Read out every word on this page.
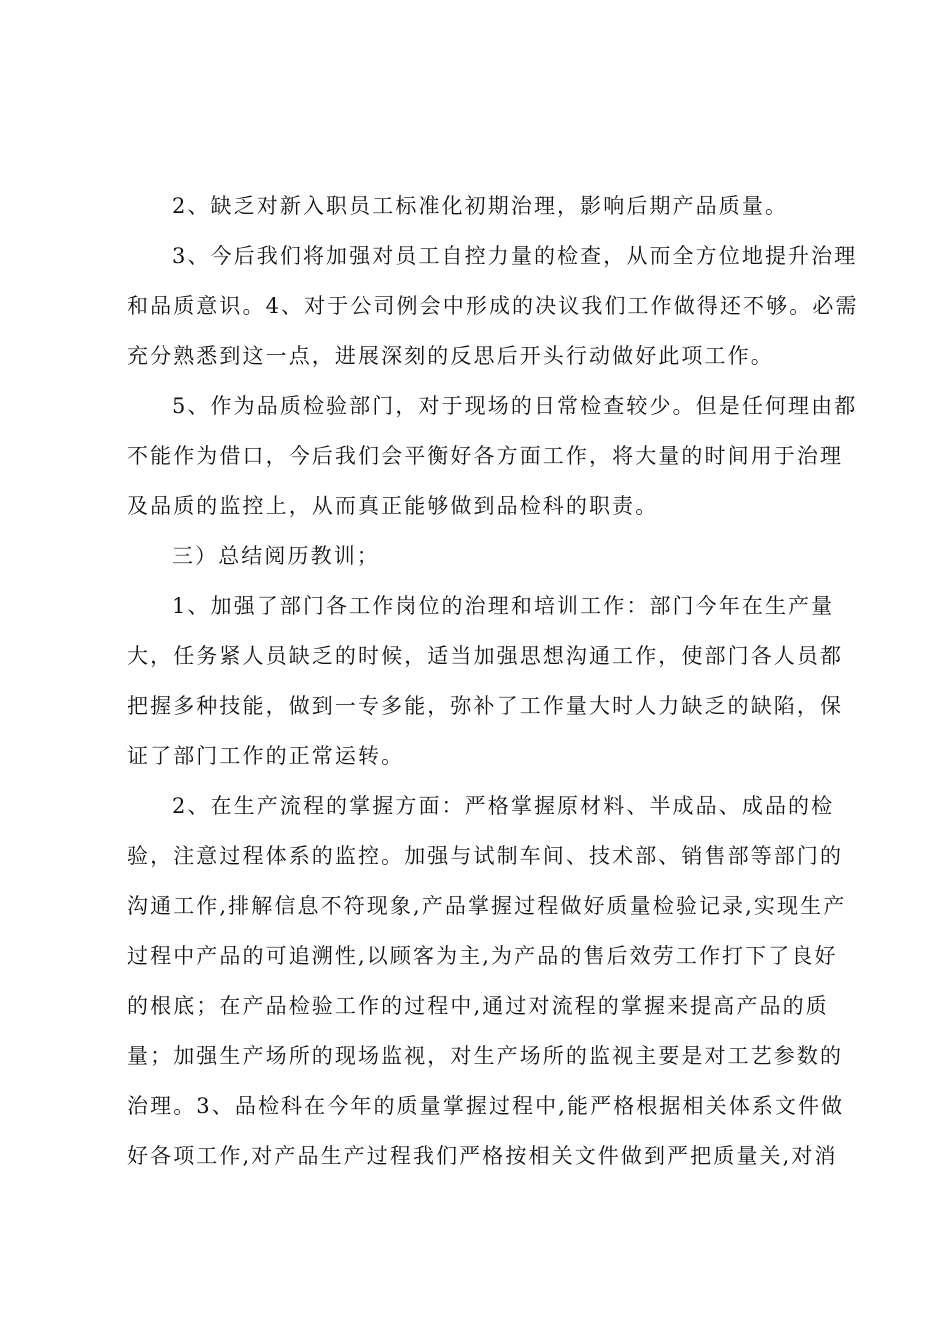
2、缺乏对新入职员工标准化初期治理，影响后期产品质量。
3、今后我们将加强对员工自控力量的检查，从而全方位地提升治理
和品质意识。4、对于公司例会中形成的决议我们工作做得还不够。必需
充分熟悉到这一点，进展深刻的反思后开头行动做好此项工作。
5、作为品质检验部门，对于现场的日常检查较少。但是任何理由都
不能作为借口，今后我们会平衡好各方面工作，将大量的时间用于治理
及品质的监控上，从而真正能够做到品检科的职责。
三）总结阅历教训；
1、加强了部门各工作岗位的治理和培训工作：部门今年在生产量
大，任务紧人员缺乏的时候，适当加强思想沟通工作，使部门各人员都
把握多种技能，做到一专多能，弥补了工作量大时人力缺乏的缺陷，保
证了部门工作的正常运转。
2、在生产流程的掌握方面：严格掌握原材料、半成品、成品的检
验，注意过程体系的监控。加强与试制车间、技术部、销售部等部门的
沟通工作,排解信息不符现象,产品掌握过程做好质量检验记录,实现生产
过程中产品的可追溯性,以顾客为主,为产品的售后效劳工作打下了良好
的根底；在产品检验工作的过程中,通过对流程的掌握来提高产品的质
量；加强生产场所的现场监视，对生产场所的监视主要是对工艺参数的
治理。3、品检科在今年的质量掌握过程中,能严格根据相关体系文件做
好各项工作,对产品生产过程我们严格按相关文件做到严把质量关,对消
